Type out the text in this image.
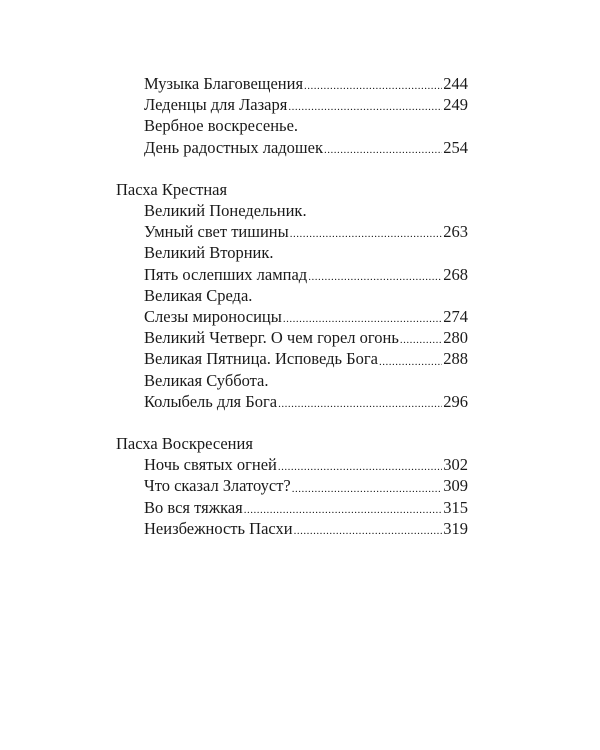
Музыка Благовещения .....	244
Леденцы для Лазаря .....	249
Вербное воскресенье.
День радостных ладошек .....	254
Пасха Крестная
Великий Понедельник.
Умный свет тишины .....	263
Великий Вторник.
Пять ослепших лампад .....	268
Великая Среда.
Слезы мироносицы .....	274
Великий Четверг. О чем горел огонь .....	280
Великая Пятница. Исповедь Бога .....	288
Великая Суббота.
Колыбель для Бога .....	296
Пасха Воскресения
Ночь святых огней .....	302
Что сказал Златоуст? .....	309
Во вся тяжкая .....	315
Неизбежность Пасхи .....	319
